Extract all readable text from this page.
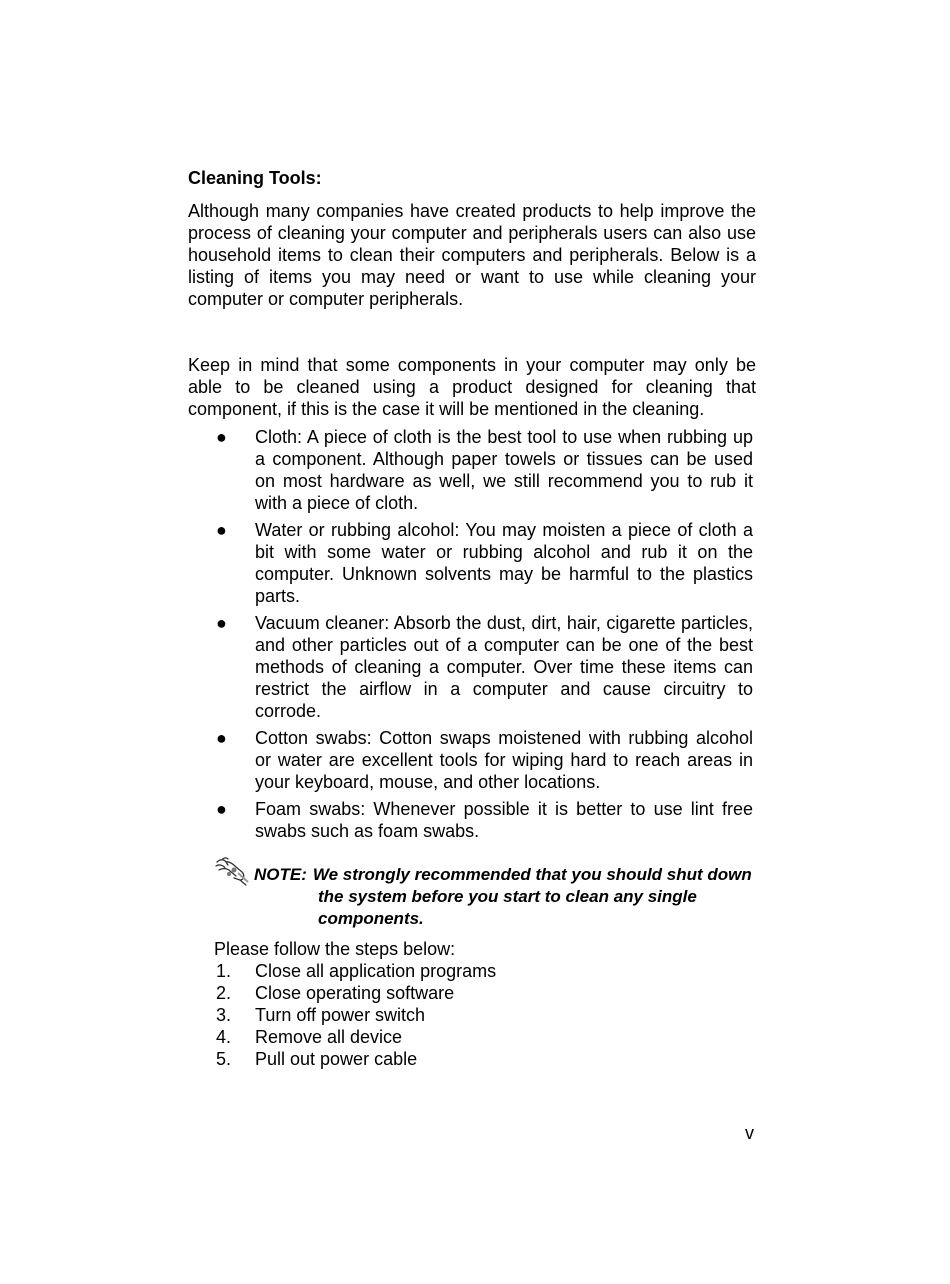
Cleaning Tools:

Although many companies have created products to help improve the process of cleaning your computer and peripherals users can also use household items to clean their computers and peripherals. Below is a listing of items you may need or want to use while cleaning your computer or computer peripherals.

Keep in mind that some components in your computer may only be able to be cleaned using a product designed for cleaning that component, if this is the case it will be mentioned in the cleaning.

● Cloth: A piece of cloth is the best tool to use when rubbing up a component. Although paper towels or tissues can be used on most hardware as well, we still recommend you to rub it with a piece of cloth.
● Water or rubbing alcohol: You may moisten a piece of cloth a bit with some water or rubbing alcohol and rub it on the computer. Unknown solvents may be harmful to the plastics parts.
● Vacuum cleaner: Absorb the dust, dirt, hair, cigarette particles, and other particles out of a computer can be one of the best methods of cleaning a computer. Over time these items can restrict the airflow in a computer and cause circuitry to corrode.
● Cotton swabs: Cotton swaps moistened with rubbing alcohol or water are excellent tools for wiping hard to reach areas in your keyboard, mouse, and other locations.
● Foam swabs: Whenever possible it is better to use lint free swabs such as foam swabs.
NOTE: We strongly recommended that you should shut down
the system before you start to clean any single
components.
Please follow the steps below:
1. Close all application programs
2. Close operating software
3. Turn off power switch
4. Remove all device
5. Pull out power cable
v
